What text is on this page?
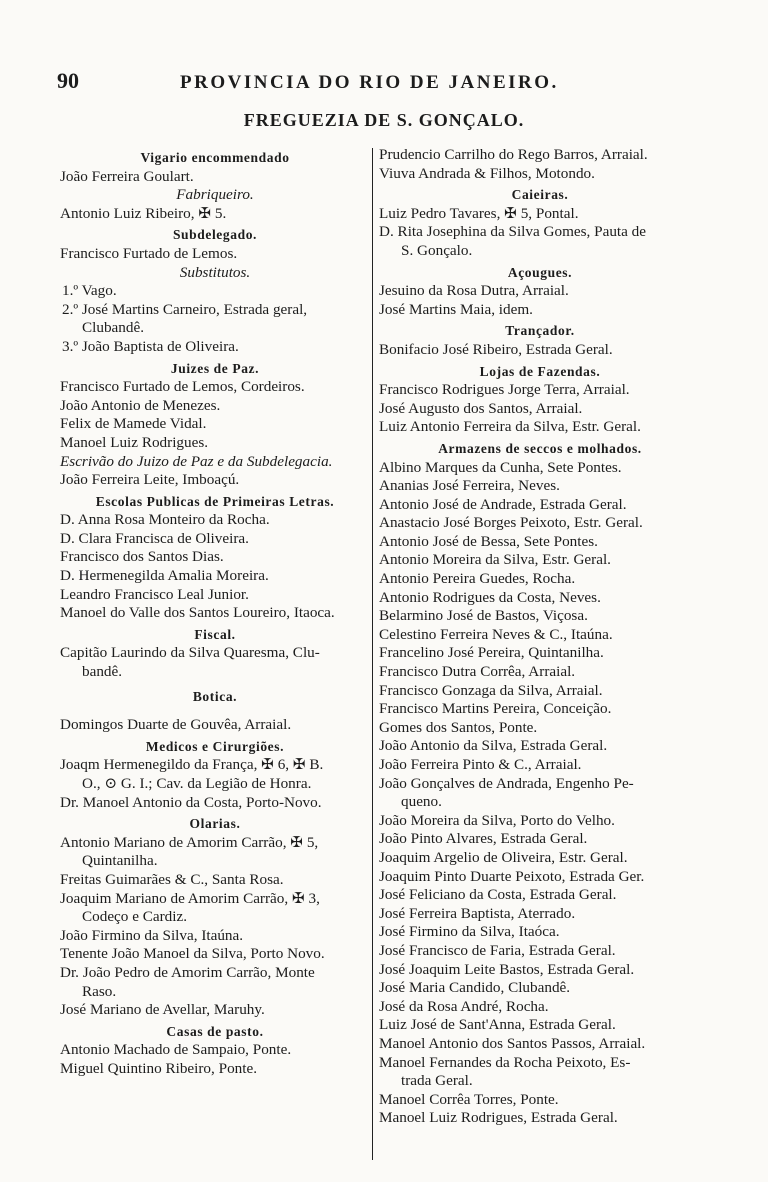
90	PROVINCIA DO RIO DE JANEIRO.
FREGUEZIA DE S. GONÇALO.
Vigario encommendado
João Ferreira Goulart.
Fabriqueiro.
Antonio Luiz Ribeiro, ✠ 5.
Subdelegado.
Francisco Furtado de Lemos.
Substitutos.
1.º Vago.
2.º José Martins Carneiro, Estrada geral,
Clubandê.
3.º João Baptista de Oliveira.
Juizes de Paz.
Francisco Furtado de Lemos, Cordeiros.
João Antonio de Menezes.
Felix de Mamede Vidal.
Manoel Luiz Rodrigues.
Escrivão do Juizo de Paz e da Subdelegacia.
João Ferreira Leite, Imboaçú.
Escolas Publicas de Primeiras Letras.
D. Anna Rosa Monteiro da Rocha.
D. Clara Francisca de Oliveira.
Francisco dos Santos Dias.
D. Hermenegilda Amalia Moreira.
Leandro Francisco Leal Junior.
Manoel do Valle dos Santos Loureiro, Itaoca.
Fiscal.
Capitão Laurindo da Silva Quaresma, Clu-
bandê.
Botica.
Domingos Duarte de Gouvêa, Arraial.
Medicos e Cirurgiões.
Joaqm Hermenegildo da França, ✠ 6, ✠ B.
O., ⊙ G. I.; Cav. da Legião de Honra.
Dr. Manoel Antonio da Costa, Porto-Novo.
Olarias.
Antonio Mariano de Amorim Carrão, ✠ 5,
Quintanilha.
Freitas Guimarães & C., Santa Rosa.
Joaquim Mariano de Amorim Carrão, ✠ 3,
Codeço e Cardiz.
João Firmino da Silva, Itaúna.
Tenente João Manoel da Silva, Porto Novo.
Dr. João Pedro de Amorim Carrão, Monte
Raso.
José Mariano de Avellar, Maruhy.
Casas de pasto.
Antonio Machado de Sampaio, Ponte.
Miguel Quintino Ribeiro, Ponte.
Prudencio Carrilho do Rego Barros, Arraial.
Viuva Andrada & Filhos, Motondo.
Caieiras.
Luiz Pedro Tavares, ✠ 5, Pontal.
D. Rita Josephina da Silva Gomes, Pauta de
S. Gonçalo.
Açougues.
Jesuino da Rosa Dutra, Arraial.
José Martins Maia, idem.
Trançador.
Bonifacio José Ribeiro, Estrada Geral.
Lojas de Fazendas.
Francisco Rodrigues Jorge Terra, Arraial.
José Augusto dos Santos, Arraial.
Luiz Antonio Ferreira da Silva, Estr. Geral.
Armazens de seccos e molhados.
Albino Marques da Cunha, Sete Pontes.
Ananias José Ferreira, Neves.
Antonio José de Andrade, Estrada Geral.
Anastacio José Borges Peixoto, Estr. Geral.
Antonio José de Bessa, Sete Pontes.
Antonio Moreira da Silva, Estr. Geral.
Antonio Pereira Guedes, Rocha.
Antonio Rodrigues da Costa, Neves.
Belarmino José de Bastos, Viçosa.
Celestino Ferreira Neves & C., Itaúna.
Francelino José Pereira, Quintanilha.
Francisco Dutra Corrêa, Arraial.
Francisco Gonzaga da Silva, Arraial.
Francisco Martins Pereira, Conceição.
Gomes dos Santos, Ponte.
João Antonio da Silva, Estrada Geral.
João Ferreira Pinto & C., Arraial.
João Gonçalves de Andrada, Engenho Pe-
queno.
João Moreira da Silva, Porto do Velho.
João Pinto Alvares, Estrada Geral.
Joaquim Argelio de Oliveira, Estr. Geral.
Joaquim Pinto Duarte Peixoto, Estrada Ger.
José Feliciano da Costa, Estrada Geral.
José Ferreira Baptista, Aterrado.
José Firmino da Silva, Itaóca.
José Francisco de Faria, Estrada Geral.
José Joaquim Leite Bastos, Estrada Geral.
José Maria Candido, Clubandê.
José da Rosa André, Rocha.
Luiz José de Sant'Anna, Estrada Geral.
Manoel Antonio dos Santos Passos, Arraial.
Manoel Fernandes da Rocha Peixoto, Es-
trada Geral.
Manoel Corrêa Torres, Ponte.
Manoel Luiz Rodrigues, Estrada Geral.
